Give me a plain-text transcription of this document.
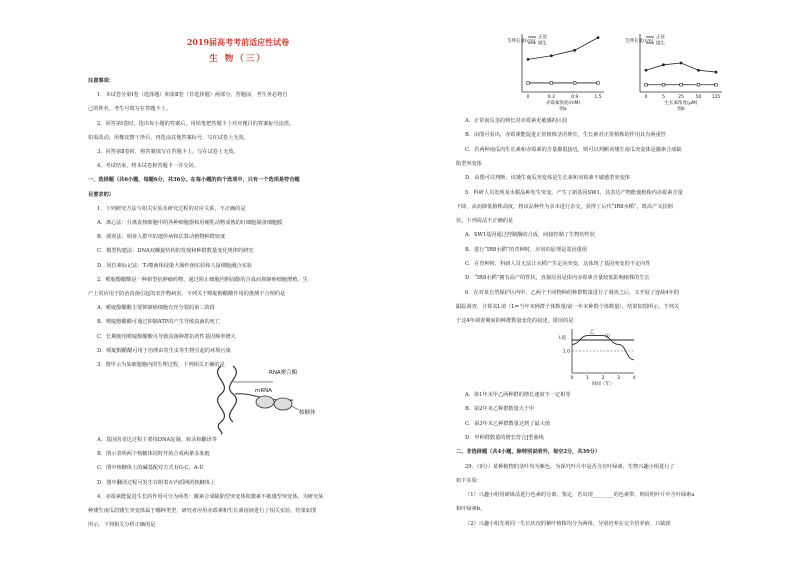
2019届高考考前适应性试卷
生 物（三）
注意事项：
1、本试卷分第Ⅰ卷（选择题）和第Ⅱ卷（非选择题）两部分。答题前，考生务必将自
己的姓名、考生号填写在答题卡上。
2、回答第Ⅰ卷时，选出每小题的答案后，用铅笔把答题卡上对应题目的答案标号涂黑，
如需改动，用橡皮擦干净后，再选涂其他答案标号。写在试卷上无效。
3、回答第Ⅱ卷时，将答案填写在答题卡上，写在试卷上无效。
4、考试结束，将本试卷和答题卡一并交回。
一、选择题（共6小题，每题6分，共36分。在每小题的四个选项中，只有一个选项是符合题
目要求的）
1．下列研究方法与相关实验及研究过程的对应关系，不正确的是
A．离心法：分离真核细胞中的各种细胞器和用哺乳动物成熟的红细胞制备细胞膜
B．调查法：调查人群中的遗传病和估算动植物种群密度
C．模型构建法：DNA双螺旋结构的发现和种群数量变化规律的研究
D．同位素标记法：T₂噬菌体侵染大肠杆菌实验和人鼠细胞融合实验
2．哌啶醇醋酸是一种新型抗肿瘤药物，通过阻止细胞内胆固醇的合成而抑制癌细胞增殖，生
产上常应用于防治真菌引起的农作物病害。下列关于哌啶醇醋酸作用的推测不合理的是
A．哌啶醇醋酸主要抑制癌细胞有丝分裂的第三阶段
B．哌啶醇醋酸可通过抑制ATP的产生导致真菌的死亡
C．长期使用哌啶醇醋酸可导致真菌种群抗药性基因频率增大
D．哌啶醇醋醋可用于治理由寄生虫等生物引起的环境污染
3．图甲示为某细胞胞内的生理过程，下列相关正确的是
RNA聚合酶
mRNA
核糖体
A．基因的表达过程主要指DNA复制、转录和翻译等
B．图示表明两个核糖体同时开始合成两条多肽链
C．图中核糖体上的碱基配对方式有G-C、A-U
D．图中翻译过程可发生在附着在内质网的核糖体上
4．赤霉素能促进生长的作用可分为两类：激素合成缺陷型突变体和激素不敏感型突变体。为研究某
种矮生南瓜的矮生突变体属于哪种类型，研究者应用赤霉素和生长素溶液进行了相关实验，结果如图
所示。下列相关分析正确的是
0	0.3	0.9	1.5
赤霉素浓度(mM)
图a
茎伸长量(cm)
正常
矮生
0	5	25	50 125
生长素浓度(μM)
图b
茎伸长量(cm)
正常
矮生
A．正常南瓜茎的伸长对赤霉素更敏感的区段
B．由图可看出，赤霉素能促进正常植株茎的伸长，生长素对正常植株的作用具有两重性
C．若两种南瓜内生长素和赤霉素的含量都很接近，则可以判断该矮生南瓜突变体是激素合成缺
陷型突变体
D．由图可以判断，该矮生南瓜突变体是生长素和赤霉素不敏感型突变体
5．科研人员发现某水稻品种发生突变，产生了新基因SW1，其表达产物能使植株内赤霉素含量
下降，从而降低植株高度。将该品种作为亲本进行杂交，获得了后代“IR8水稻”，既高产又抗倒
伏。下列说法不正确的是
A．SW1基因通过控制酶的合成，间接控制了生物的性状
B．进行“IR8水稻”的育种时，应用的原理是基因重组
C．在育种时，科研人员无法让水稻产生定向突变，这体现了基因突变的不定向性
D．“IR8水稻”拥有高产的性状，直接原因是体内赤霉素含量较低影响植株的生长
6．在对某自然保护区内甲、乙两个不同物种的种群数量进行了调查之后，又开展了连续4年的
跟踪调查，计算其L值（L=当年末种群个体数量/前一年末种群个体数量），结果如图所示。下列关
于这4年调查期间的种群数量变化的叙述，错误的是
1.0
L值
0	1	2	3	4
时间（年）
甲
乙
A．第1年末甲乙两种群的增长速度不一定相等
B．第2年末乙种群数量大于甲
C．第3年末乙种群数量达到了最大值
D．甲种群数量的增长符合J型曲线
二、非选择题（共4小题，除特别说明外，每空2分，共39分）
29．（9分）某种植物的茎叶均为紫色，为探究叶片中是否含有叶绿素，生物兴趣小组进行了
如下实验：
（1）兴趣小组用研钵法进行色素的分离、鉴定，若出现________的色素带，则说明叶片中含叶绿素a
和叶绿素b。
（2）兴趣小组先将同一生长状况的紫叶植株均分为两组，分别培养在完全培养液、只缺镁
